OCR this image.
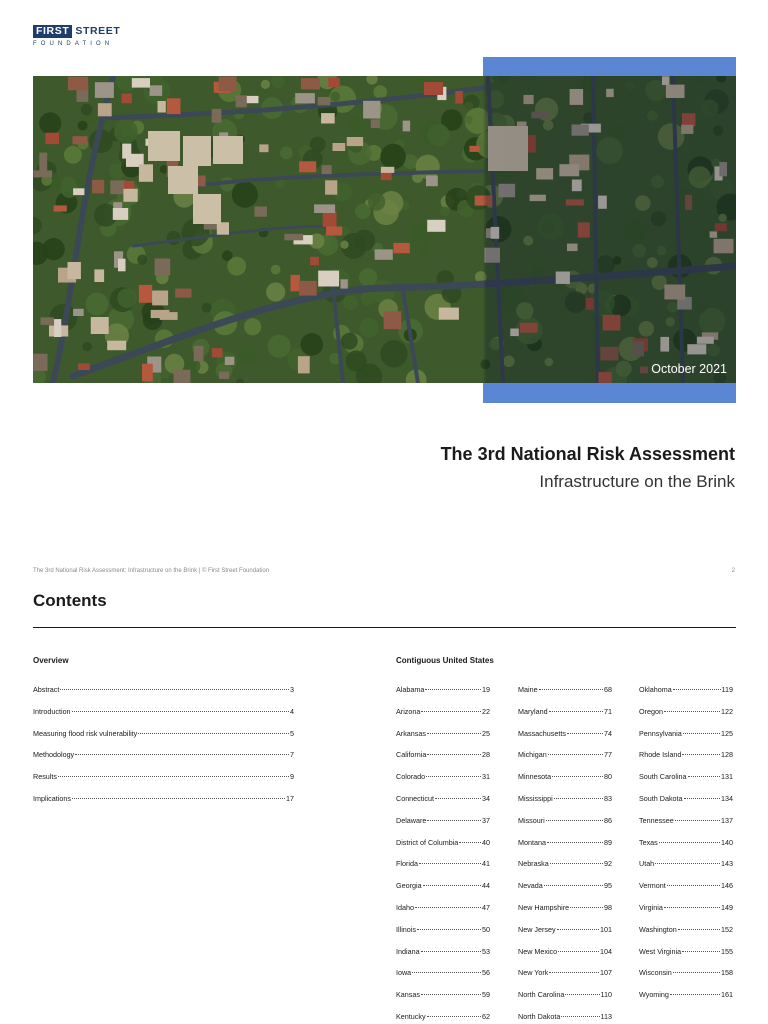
FIRST STREET
FOUNDATION
October 2021
The 3rd National Risk Assessment
Infrastructure on the Brink
The 3rd National Risk Assessment: Infrastructure on the Brink | © First Street Foundation	2
Contents
Overview	Contiguous United States
Abstract	3
Introduction	4
Measuring flood risk vulnerability	5
Methodology	7
Results	9
Implications	17
Alabama	19
Arizona	22
Arkansas	25
California	28
Colorado	31
Connecticut	34
Delaware	37
District of Columbia	40
Florida	41
Georgia	44
Idaho	47
Illinois	50
Indiana	53
Iowa	56
Kansas	59
Kentucky	62
Maine	68
Maryland	71
Massachusetts	74
Michigan	77
Minnesota	80
Mississippi	83
Missouri	86
Montana	89
Nebraska	92
Nevada	95
New Hampshire	98
New Jersey	101
New Mexico	104
New York	107
North Carolina	110
North Dakota	113
Oklahoma	119
Oregon	122
Pennsylvania	125
Rhode Island	128
South Carolina	131
South Dakota	134
Tennessee	137
Texas	140
Utah	143
Vermont	146
Virginia	149
Washington	152
West Virginia	155
Wisconsin	158
Wyoming	161
